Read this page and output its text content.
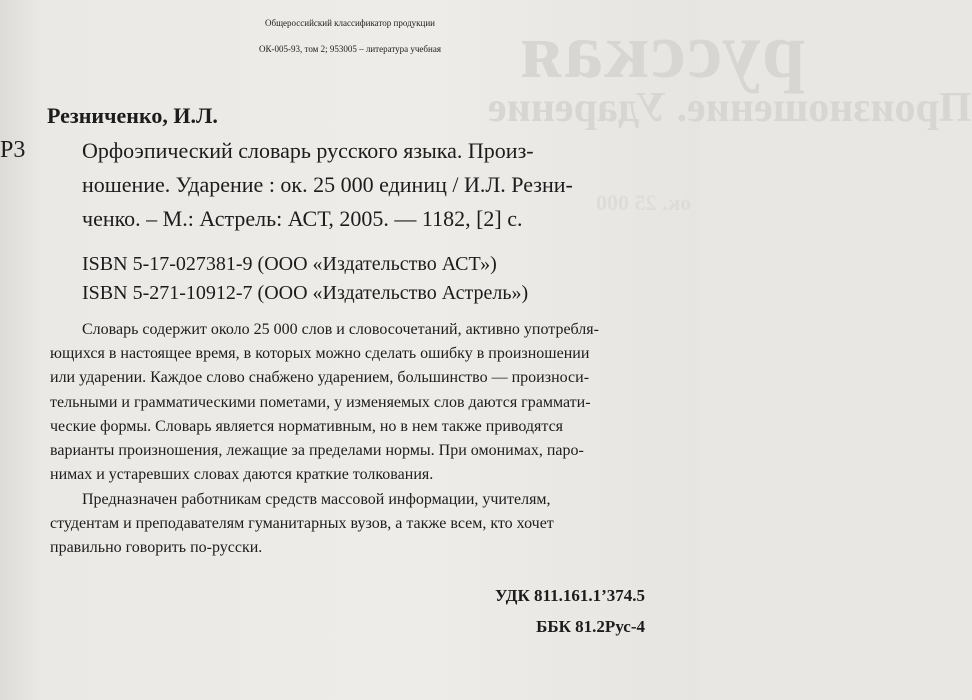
русская
Произношение. Ударение
ок. 25 000
Общероссийский классификатор продукции
ОК-005-93, том 2; 953005 – литература учебная
Резниченко, И.Л.
Р3	Орфоэпический словарь русского языка. Произ-
ношение. Ударение : ок. 25 000 единиц / И.Л. Резни-
ченко. – М.: Астрель: АСТ, 2005. — 1182, [2] с.
ISBN 5-17-027381-9 (ООО «Издательство АСТ»)
ISBN 5-271-10912-7 (ООО «Издательство Астрель»)
Словарь содержит около 25 000 слов и словосочетаний, активно употребля-
ющихся в настоящее время, в которых можно сделать ошибку в произношении
или ударении. Каждое слово снабжено ударением, большинство — произноси-
тельными и грамматическими пометами, у изменяемых слов даются граммати-
ческие формы. Словарь является нормативным, но в нем также приводятся
варианты произношения, лежащие за пределами нормы. При омонимах, паро-
нимах и устаревших словах даются краткие толкования.
Предназначен работникам средств массовой информации, учителям,
студентам и преподавателям гуманитарных вузов, а также всем, кто хочет
правильно говорить по-русски.
УДК 811.161.1’374.5
ББК 81.2Рус-4
